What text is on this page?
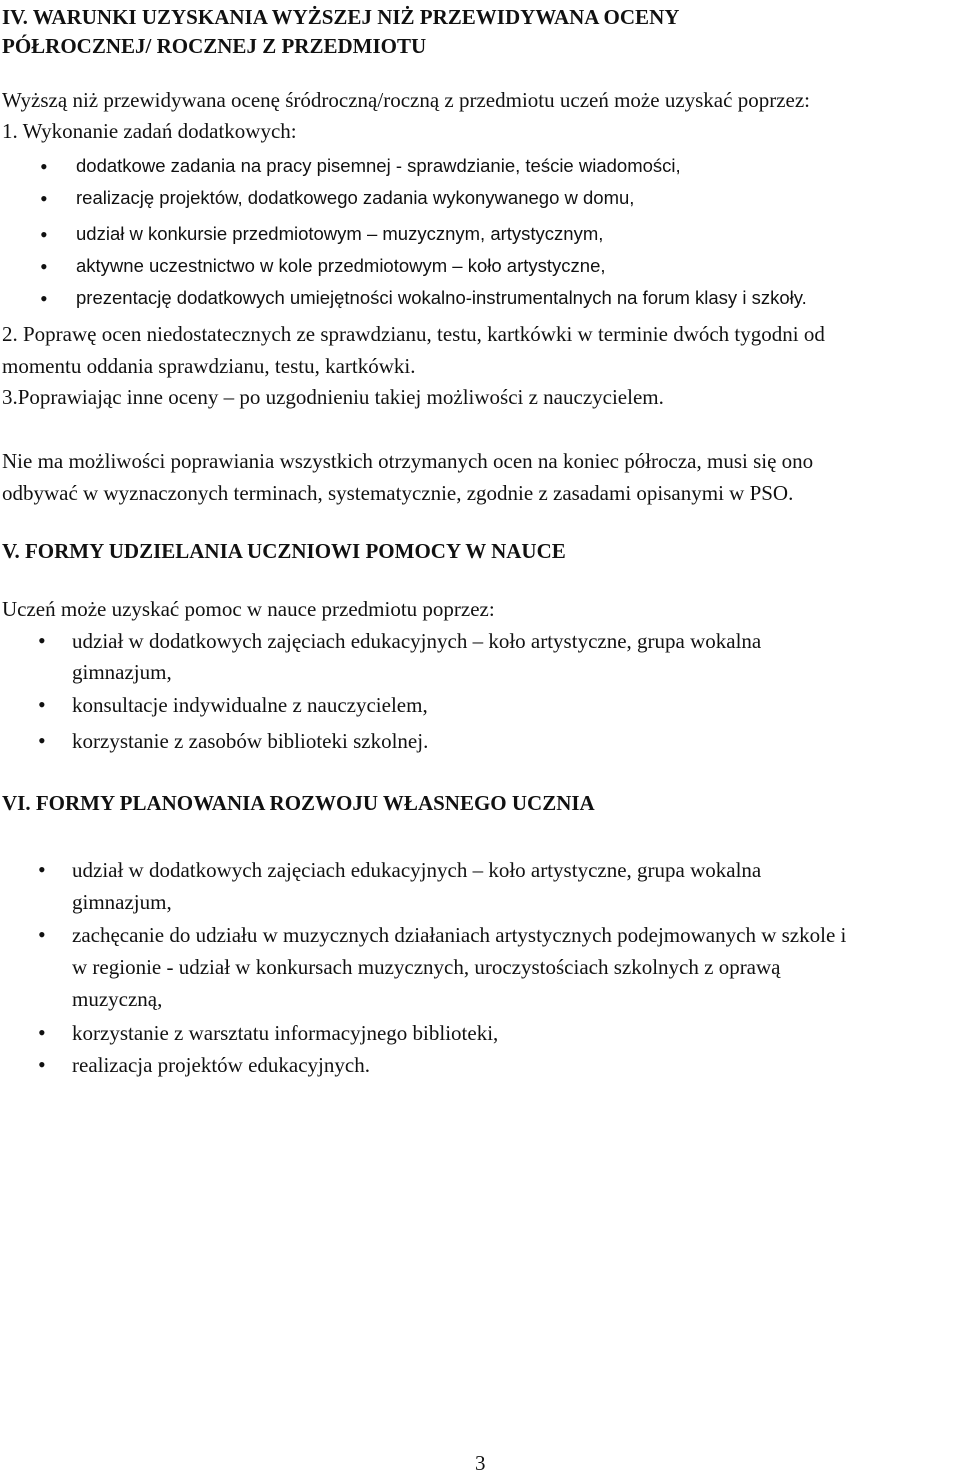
IV. WARUNKI UZYSKANIA WYŻSZEJ NIŻ PRZEWIDYWANA OCENY
PÓŁROCZNEJ/ ROCZNEJ Z PRZEDMIOTU
Wyższą niż przewidywana ocenę śródroczną/roczną z przedmiotu uczeń może uzyskać poprzez:
1. Wykonanie zadań dodatkowych:
• dodatkowe zadania na pracy pisemnej - sprawdzianie, teście wiadomości,
• realizację projektów, dodatkowego zadania wykonywanego w domu,
• udział w konkursie przedmiotowym – muzycznym, artystycznym,
• aktywne uczestnictwo w kole przedmiotowym – koło artystyczne,
• prezentację dodatkowych umiejętności wokalno-instrumentalnych na forum klasy i szkoły.
2. Poprawę ocen niedostatecznych ze sprawdzianu, testu, kartkówki w terminie dwóch tygodni od
momentu oddania sprawdzianu, testu, kartkówki.
3.Poprawiając inne oceny – po uzgodnieniu takiej możliwości z nauczycielem.
Nie ma możliwości poprawiania wszystkich otrzymanych ocen na koniec półrocza, musi się ono
odbywać w wyznaczonych terminach, systematycznie, zgodnie z zasadami opisanymi w PSO.
V. FORMY UDZIELANIA UCZNIOWI POMOCY W NAUCE
Uczeń może uzyskać pomoc w nauce przedmiotu poprzez:
• udział w dodatkowych zajęciach edukacyjnych – koło artystyczne, grupa wokalna
gimnazjum,
• konsultacje indywidualne z nauczycielem,
• korzystanie z zasobów biblioteki szkolnej.
VI. FORMY PLANOWANIA ROZWOJU WŁASNEGO UCZNIA
• udział w dodatkowych zajęciach edukacyjnych – koło artystyczne, grupa wokalna
gimnazjum,
• zachęcanie do udziału w muzycznych działaniach artystycznych podejmowanych w szkole i
w regionie - udział w konkursach muzycznych, uroczystościach szkolnych z oprawą
muzyczną,
• korzystanie z warsztatu informacyjnego biblioteki,
• realizacja projektów edukacyjnych.
3
